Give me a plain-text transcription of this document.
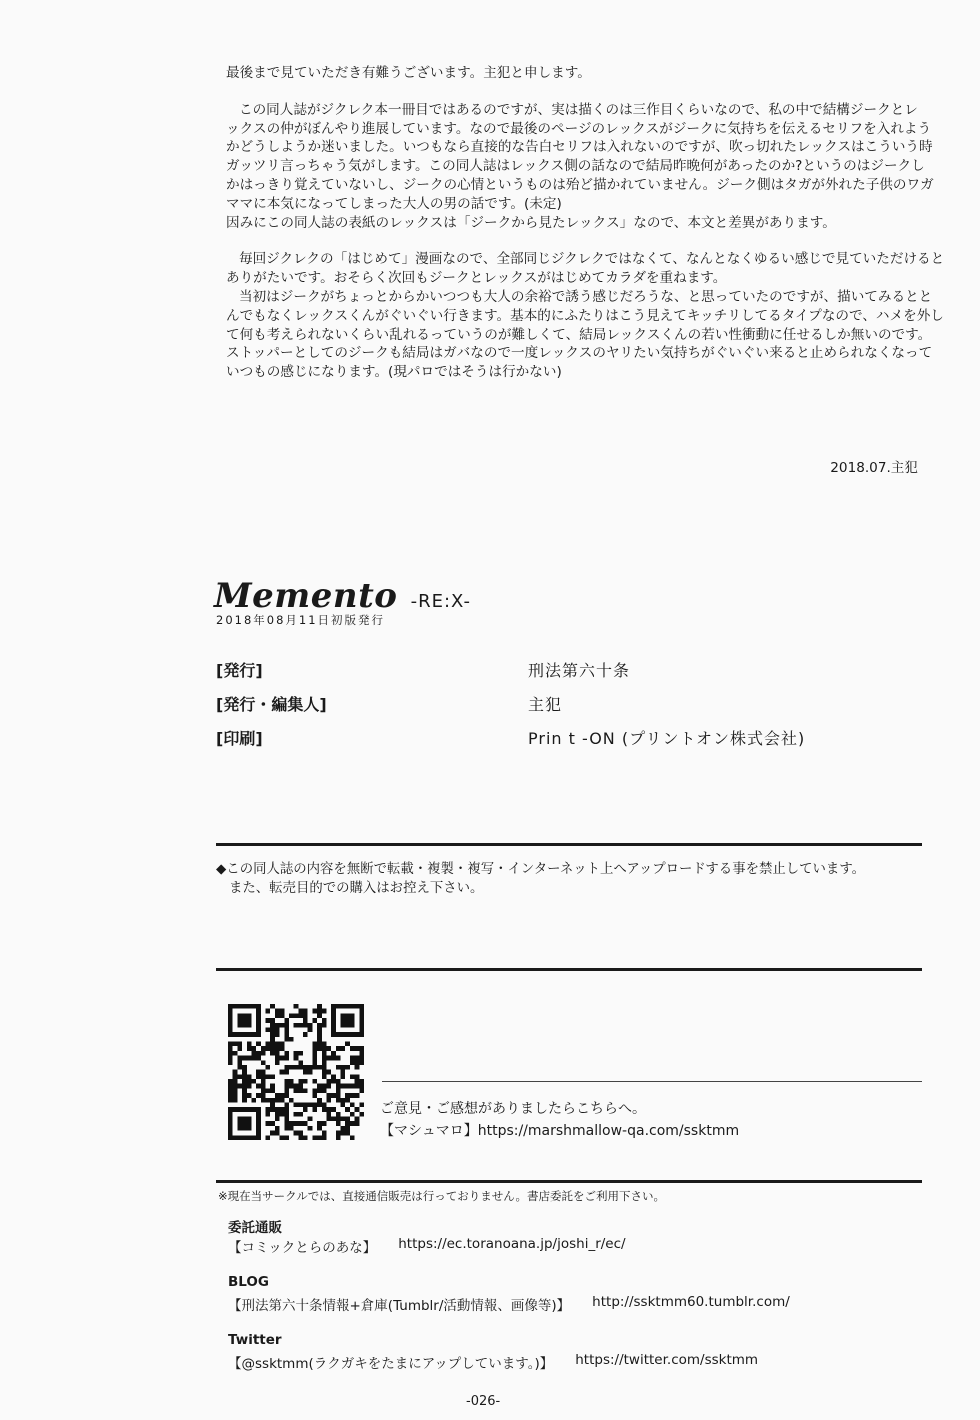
最後まで見ていただき有難うございます。主犯と申します。

この同人誌がジクレク本一冊目ではあるのですが、実は描くのは三作目くらいなので、私の中で結構ジークとレ
ックスの仲がぼんやり進展しています。なので最後のページのレックスがジークに気持ちを伝えるセリフを入れよう
かどうしようか迷いました。いつもなら直接的な告白セリフは入れないのですが、吹っ切れたレックスはこういう時
ガッツリ言っちゃう気がします。この同人誌はレックス側の話なので結局昨晩何があったのか?というのはジークし
かはっきり覚えていないし、ジークの心情というものは殆ど描かれていません。ジーク側はタガが外れた子供のワガ
ママに本気になってしまった大人の男の話です。(未定)
因みにこの同人誌の表紙のレックスは「ジークから見たレックス」なので、本文と差異があります。

毎回ジクレクの「はじめて」漫画なので、全部同じジクレクではなくて、なんとなくゆるい感じで見ていただけると
ありがたいです。おそらく次回もジークとレックスがはじめてカラダを重ねます。
当初はジークがちょっとからかいつつも大人の余裕で誘う感じだろうな、と思っていたのですが、描いてみるとと
んでもなくレックスくんがぐいぐい行きます。基本的にふたりはこう見えてキッチリしてるタイプなので、ハメを外し
て何も考えられないくらい乱れるっていうのが難しくて、結局レックスくんの若い性衝動に任せるしか無いのです。
ストッパーとしてのジークも結局はガバなので一度レックスのヤリたい気持ちがぐいぐい来ると止められなくなって
いつもの感じになります。(現パロではそうは行かない)

2018.07.主犯
Memento -RE:X-
2018年08月11日初版発行
[発行]	刑法第六十条
[発行・編集人]	主犯
[印刷]	Prin t -ON (プリントオン株式会社)
◆この同人誌の内容を無断で転載・複製・複写・インターネット上へアップロードする事を禁止しています。
また、転売目的での購入はお控え下さい。
ご意見・ご感想がありましたらこちらへ。
【マシュマロ】https://marshmallow-qa.com/ssktmm
※現在当サークルでは、直接通信販売は行っておりません。書店委託をご利用下さい。
委託通販
【コミックとらのあな】 https://ec.toranoana.jp/joshi_r/ec/
BLOG
【刑法第六十条情報+倉庫(Tumblr/活動情報、画像等)】 http://ssktmm60.tumblr.com/
Twitter
【@ssktmm(ラクガキをたまにアップしています。)】 https://twitter.com/ssktmm
-026-
